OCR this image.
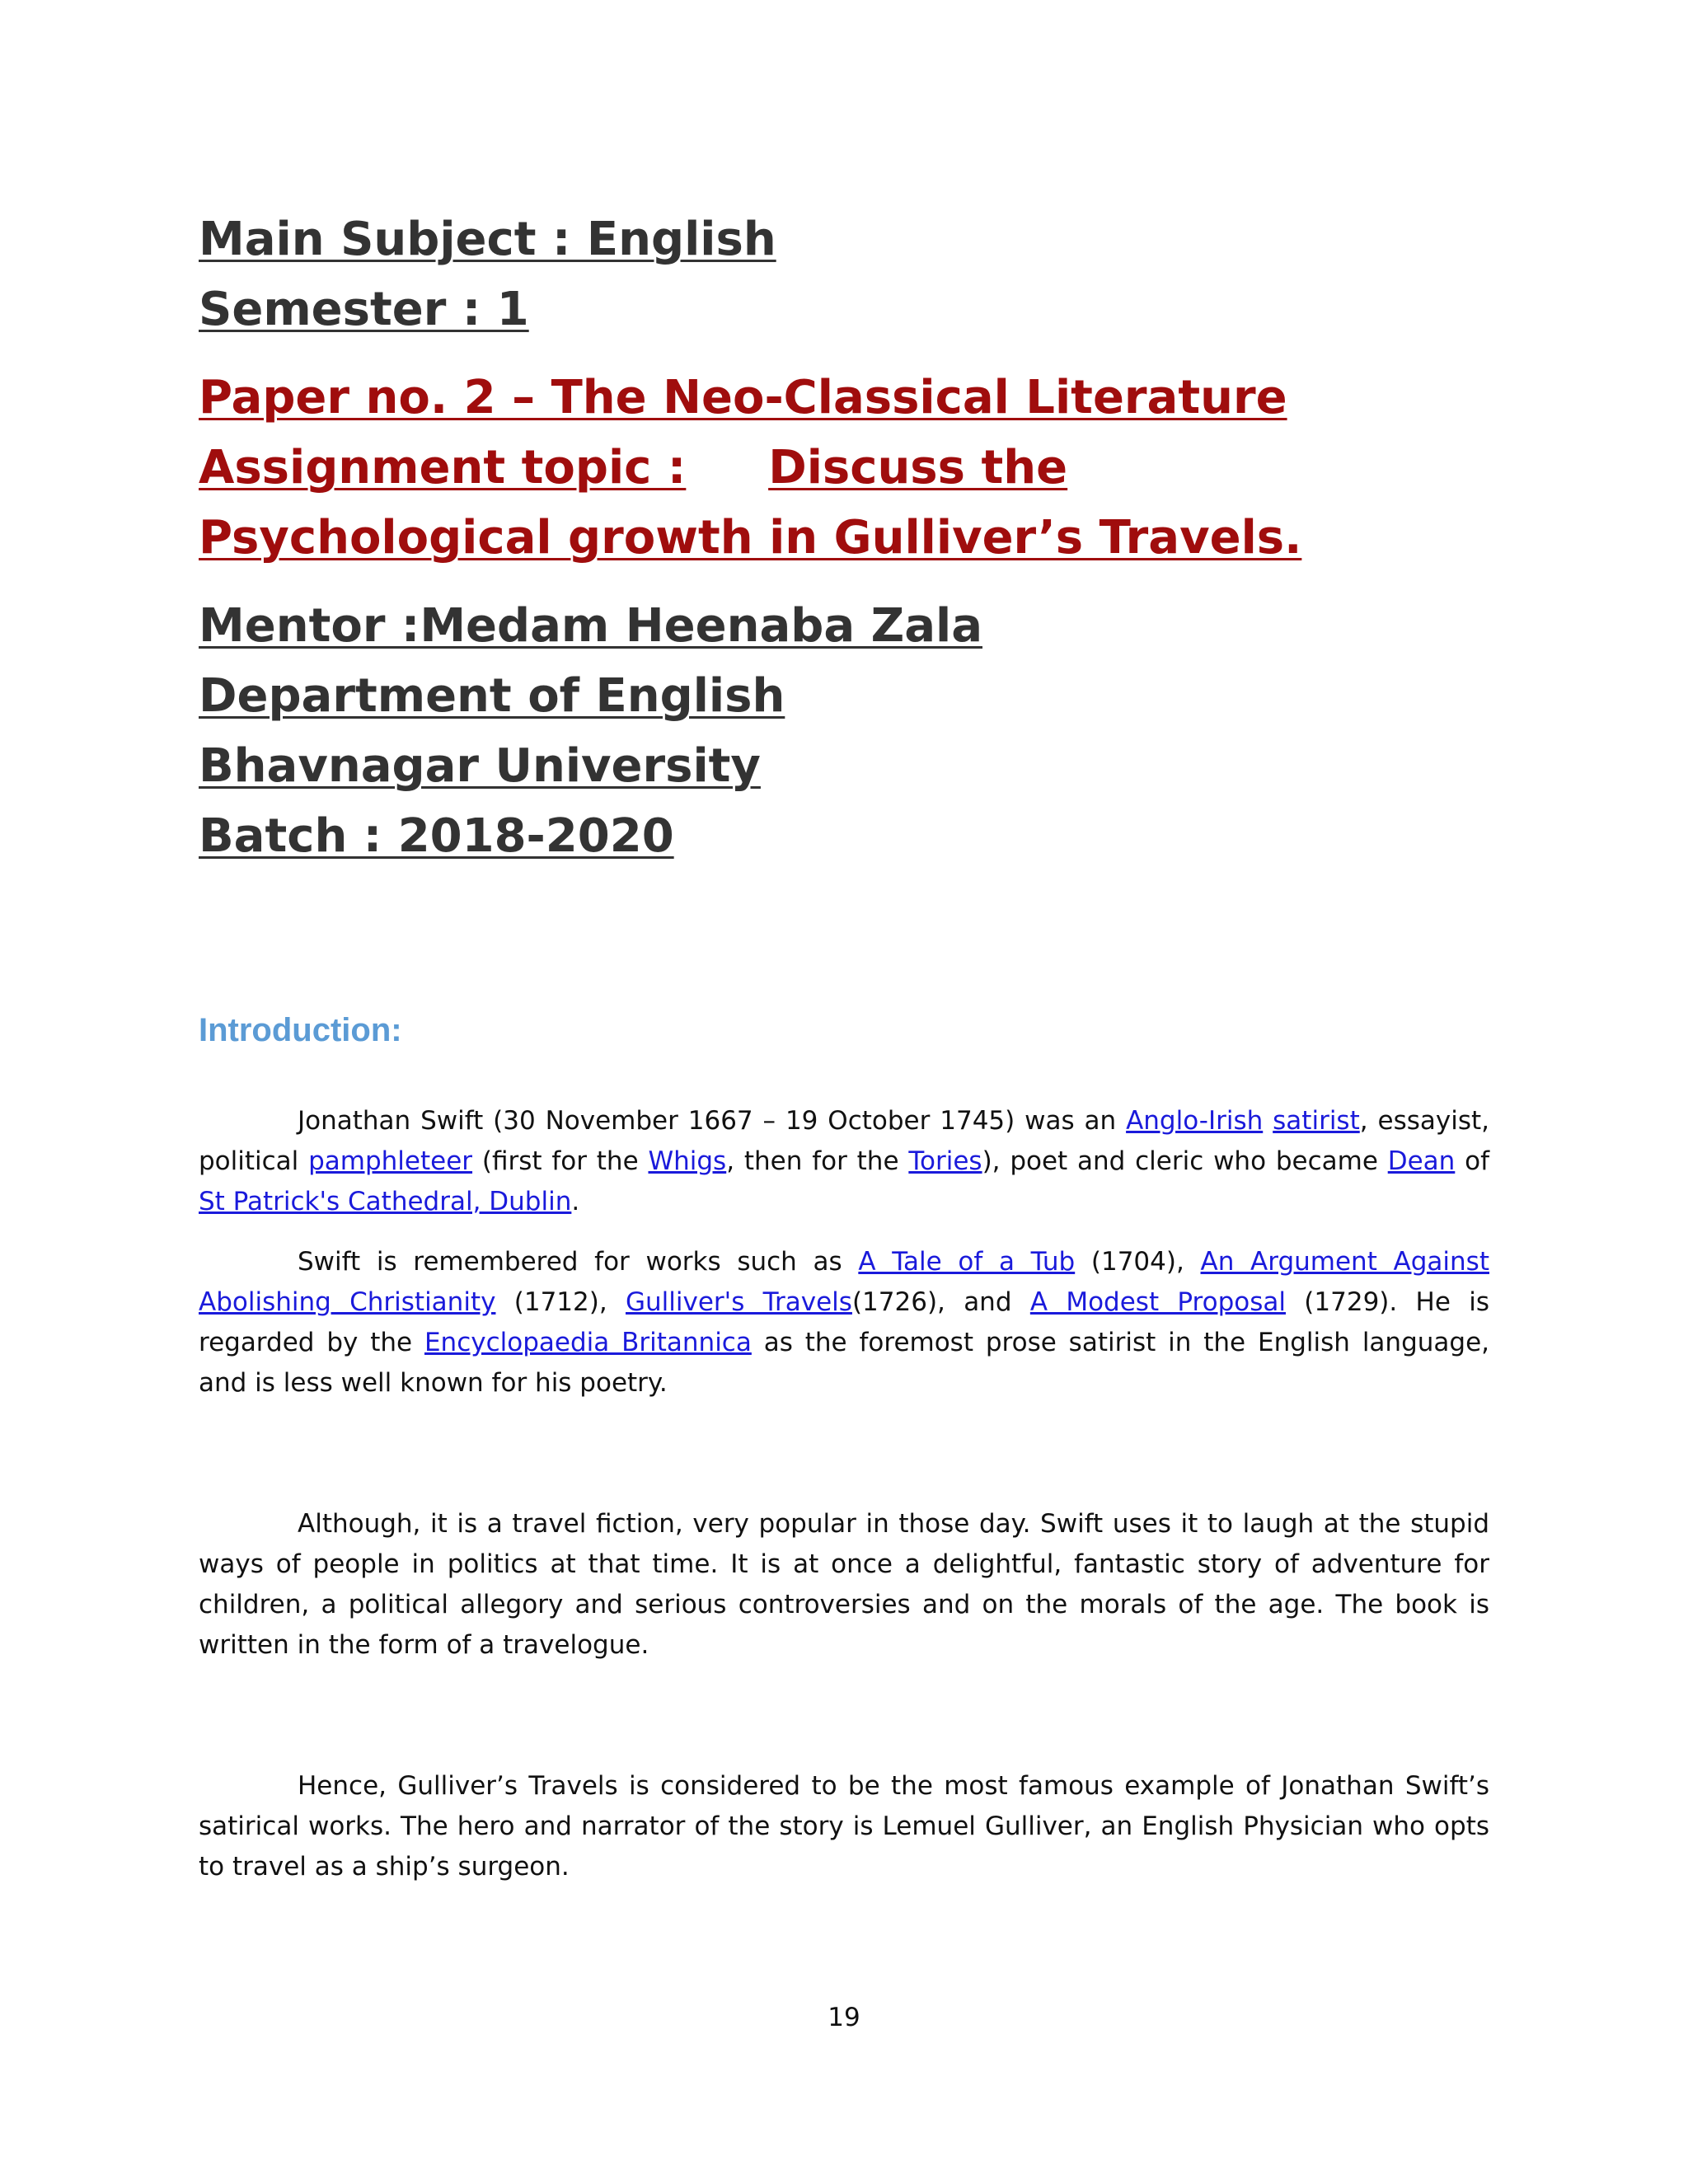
Main Subject : English

Semester : 1

Paper no. 2 – The Neo-Classical Literature

Assignment topic : Discuss the

Psychological growth in Gulliver’s Travels.

Mentor :Medam Heenaba Zala

Department of English

Bhavnagar University

Batch : 2018-2020

Introduction:

Jonathan Swift (30 November 1667 – 19 October 1745) was an Anglo-Irish satirist, essayist, political pamphleteer (first for the Whigs, then for the Tories), poet and cleric who became Dean of St Patrick's Cathedral, Dublin.

Swift is remembered for works such as A Tale of a Tub (1704), An Argument Against Abolishing Christianity (1712), Gulliver's Travels(1726), and A Modest Proposal (1729). He is regarded by the Encyclopaedia Britannica as the foremost prose satirist in the English language, and is less well known for his poetry.

Although, it is a travel fiction, very popular in those day. Swift uses it to laugh at the stupid ways of people in politics at that time. It is at once a delightful, fantastic story of adventure for children, a political allegory and serious controversies and on the morals of the age. The book is written in the form of a travelogue.

Hence, Gulliver’s Travels is considered to be the most famous example of Jonathan Swift’s satirical works. The hero and narrator of the story is Lemuel Gulliver, an English Physician who opts to travel as a ship’s surgeon.

19
